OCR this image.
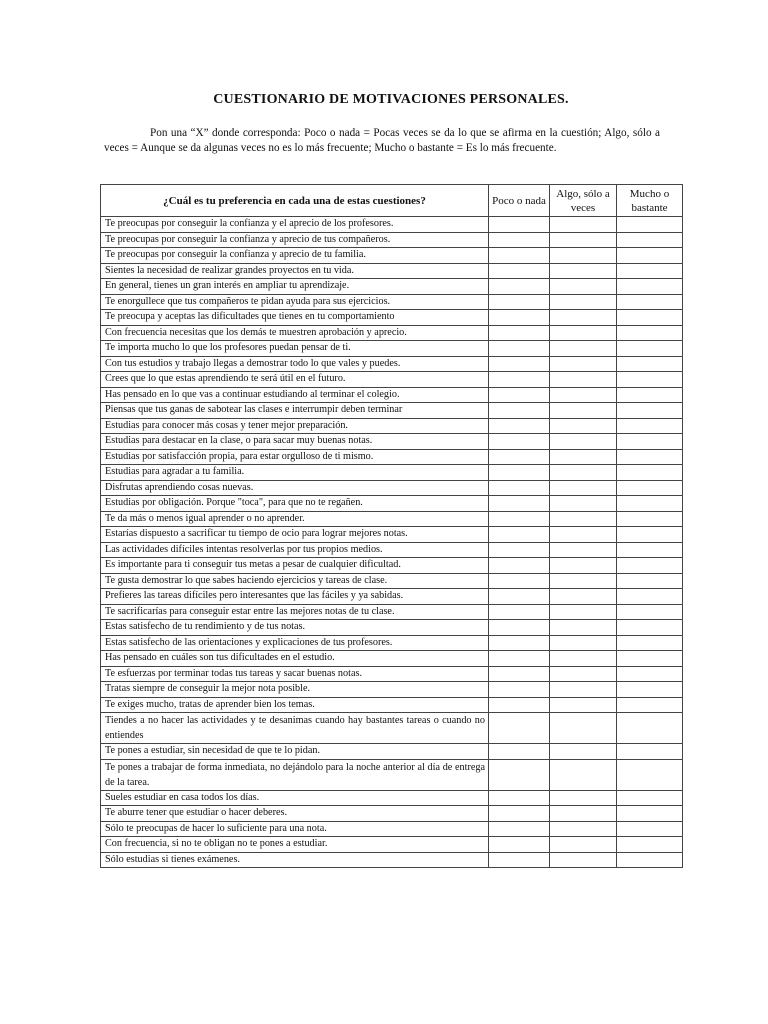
CUESTIONARIO DE MOTIVACIONES PERSONALES.
Pon una “X” donde corresponda: Poco o nada = Pocas veces se da lo que se afirma en la cuestión; Algo, sólo a veces = Aunque se da algunas veces no es lo más frecuente; Mucho o bastante = Es lo más frecuente.
¿Cuál es tu preferencia en cada una de estas cuestiones?	Poco o nada	Algo, sólo a veces	Mucho o bastante
Te preocupas por conseguir la confianza y el aprecio de los profesores.			
Te preocupas por conseguir la confianza y aprecio de tus compañeros.			
Te preocupas por conseguir la confianza y aprecio de tu familia.			
Sientes la necesidad de realizar grandes proyectos en tu vida.			
En general, tienes un gran interés en ampliar tu aprendizaje.			
Te enorgullece que tus compañeros te pidan ayuda para sus ejercicios.			
Te preocupa y aceptas las dificultades que tienes en tu comportamiento			
Con frecuencia necesitas que los demás te muestren aprobación y aprecio.			
Te importa mucho lo que los profesores puedan pensar de ti.			
Con tus estudios y trabajo llegas a demostrar todo lo que vales y puedes.			
Crees que lo que estas aprendiendo te será útil en el futuro.			
Has pensado en lo que vas a continuar estudiando al terminar el colegio.			
Piensas que tus ganas de sabotear las clases e interrumpir deben terminar			
Estudias para conocer más cosas y tener mejor preparación.			
Estudias para destacar en la clase, o para sacar muy buenas notas.			
Estudias por satisfacción propia, para estar orgulloso de ti mismo.			
Estudias para agradar a tu familia.			
Disfrutas aprendiendo cosas nuevas.			
Estudias por obligación. Porque "toca", para que no te regañen.			
Te da más o menos igual aprender o no aprender.			
Estarías dispuesto a sacrificar tu tiempo de ocio para lograr mejores notas.			
Las actividades difíciles intentas resolverlas por tus propios medios.			
Es importante para ti conseguir tus metas a pesar de cualquier dificultad.			
Te gusta demostrar lo que sabes haciendo ejercicios y tareas de clase.			
Prefieres las tareas difíciles pero interesantes que las fáciles y ya sabidas.			
Te sacrificarías para conseguir estar entre las mejores notas de tu clase.			
Estas satisfecho de tu rendimiento y de tus notas.			
Estas satisfecho de las orientaciones y explicaciones de tus profesores.			
Has pensado en cuáles son tus dificultades en el estudio.			
Te esfuerzas por terminar todas tus tareas y sacar buenas notas.			
Tratas siempre de conseguir la mejor nota posible.			
Te exiges mucho, tratas de aprender bien los temas.			
Tiendes a no hacer las actividades y te desanimas cuando hay bastantes tareas o cuando no entiendes			
Te pones a estudiar, sin necesidad de que te lo pidan.			
Te pones a trabajar de forma inmediata, no dejándolo para la noche anterior al día de entrega de la tarea.			
Sueles estudiar en casa todos los días.			
Te aburre tener que estudiar o hacer deberes.			
Sólo te preocupas de hacer lo suficiente para una nota.			
Con frecuencia, si no te obligan no te pones a estudiar.			
Sólo estudias si tienes exámenes.			
